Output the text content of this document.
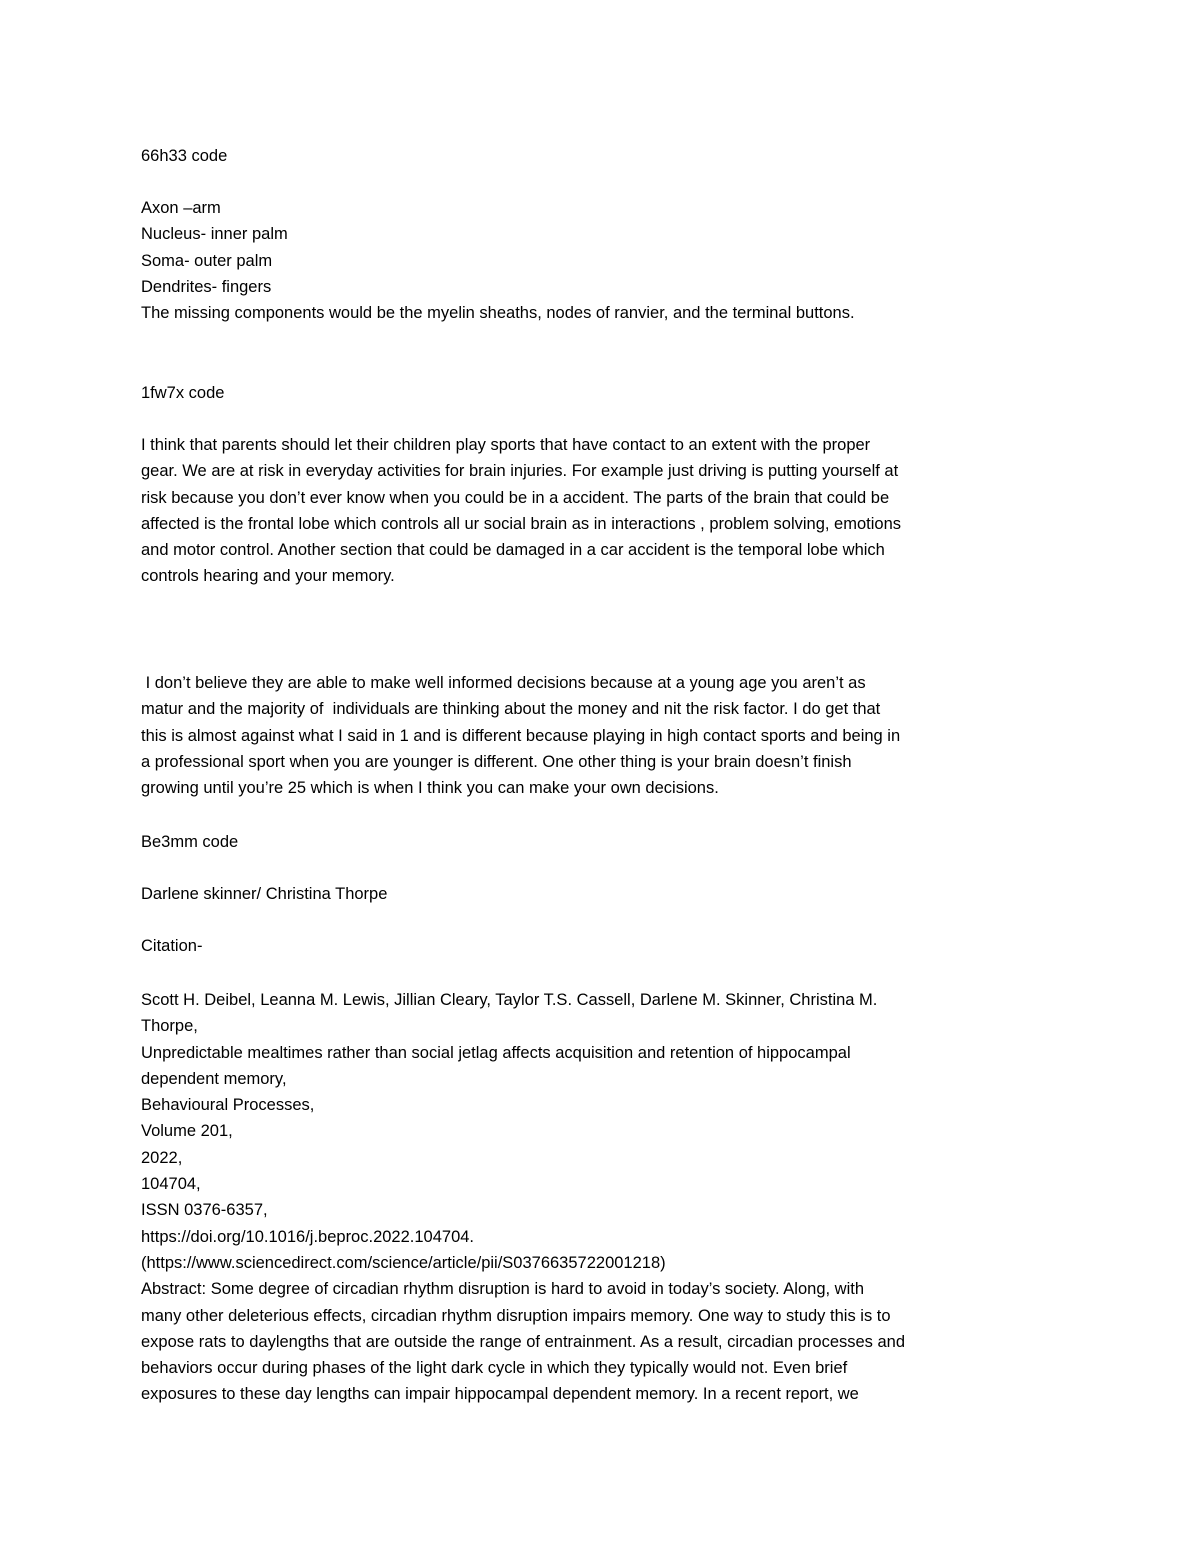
66h33 code
Axon –arm
Nucleus- inner palm
Soma- outer palm
Dendrites- fingers
The missing components would be the myelin sheaths, nodes of ranvier, and the terminal buttons.
1fw7x code
I think that parents should let their children play sports that have contact to an extent with the proper
gear. We are at risk in everyday activities for brain injuries. For example just driving is putting yourself at
risk because you don’t ever know when you could be in a accident. The parts of the brain that could be
affected is the frontal lobe which controls all ur social brain as in interactions , problem solving, emotions
and motor control. Another section that could be damaged in a car accident is the temporal lobe which
controls hearing and your memory.
I don’t believe they are able to make well informed decisions because at a young age you aren’t as
matur and the majority of  individuals are thinking about the money and nit the risk factor. I do get that
this is almost against what I said in 1 and is different because playing in high contact sports and being in
a professional sport when you are younger is different. One other thing is your brain doesn’t finish
growing until you’re 25 which is when I think you can make your own decisions.
Be3mm code
Darlene skinner/ Christina Thorpe
Citation-
Scott H. Deibel, Leanna M. Lewis, Jillian Cleary, Taylor T.S. Cassell, Darlene M. Skinner, Christina M.
Thorpe,
Unpredictable mealtimes rather than social jetlag affects acquisition and retention of hippocampal
dependent memory,
Behavioural Processes,
Volume 201,
2022,
104704,
ISSN 0376-6357,
https://doi.org/10.1016/j.beproc.2022.104704.
(https://www.sciencedirect.com/science/article/pii/S0376635722001218)
Abstract: Some degree of circadian rhythm disruption is hard to avoid in today’s society. Along, with
many other deleterious effects, circadian rhythm disruption impairs memory. One way to study this is to
expose rats to daylengths that are outside the range of entrainment. As a result, circadian processes and
behaviors occur during phases of the light dark cycle in which they typically would not. Even brief
exposures to these day lengths can impair hippocampal dependent memory. In a recent report, we
